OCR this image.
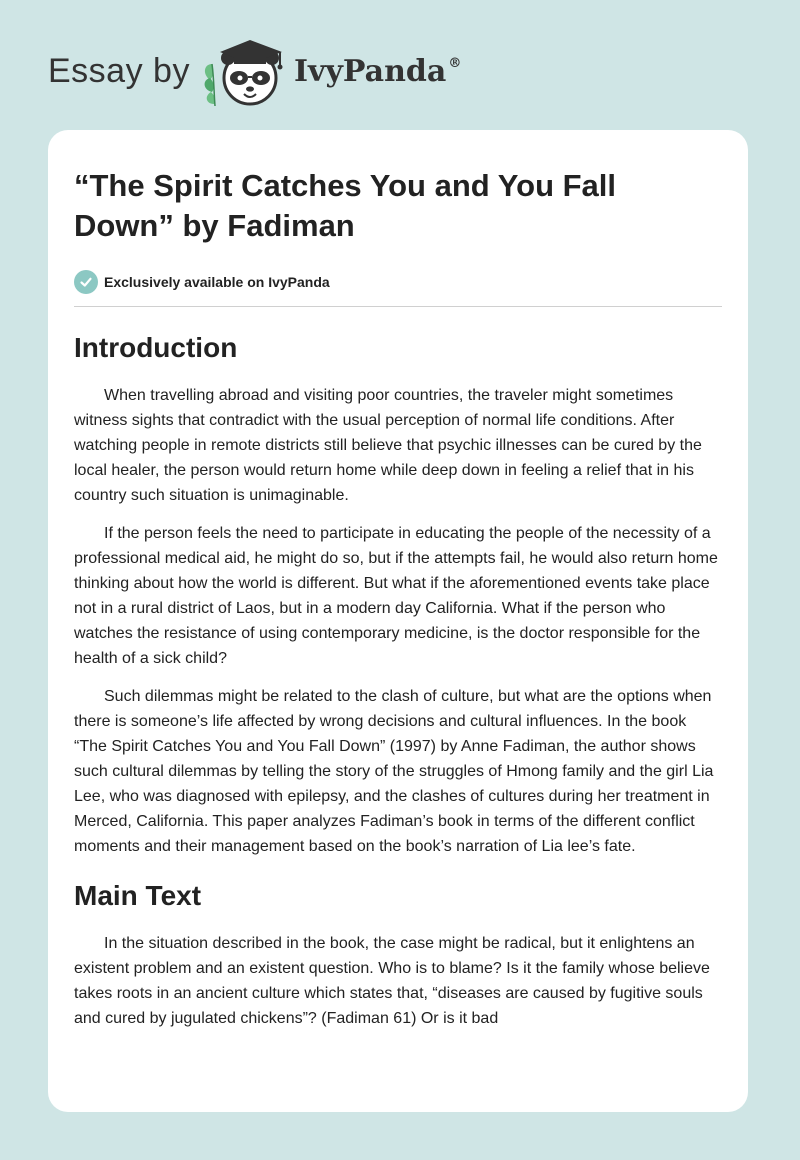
Essay by	IvyPanda ®
“The Spirit Catches You and You Fall Down” by Fadiman
Exclusively available on IvyPanda
Introduction

When travelling abroad and visiting poor countries, the traveler might sometimes witness sights that contradict with the usual perception of normal life conditions. After watching people in remote districts still believe that psychic illnesses can be cured by the local healer, the person would return home while deep down in feeling a relief that in his country such situation is unimaginable.

If the person feels the need to participate in educating the people of the necessity of a professional medical aid, he might do so, but if the attempts fail, he would also return home thinking about how the world is different. But what if the aforementioned events take place not in a rural district of Laos, but in a modern day California. What if the person who watches the resistance of using contemporary medicine, is the doctor responsible for the health of a sick child?

Such dilemmas might be related to the clash of culture, but what are the options when there is someone’s life affected by wrong decisions and cultural influences. In the book “The Spirit Catches You and You Fall Down” (1997) by Anne Fadiman, the author shows such cultural dilemmas by telling the story of the struggles of Hmong family and the girl Lia Lee, who was diagnosed with epilepsy, and the clashes of cultures during her treatment in Merced, California. This paper analyzes Fadiman’s book in terms of the different conflict moments and their management based on the book’s narration of Lia lee’s fate.

Main Text

In the situation described in the book, the case might be radical, but it enlightens an existent problem and an existent question. Who is to blame? Is it the family whose believe takes roots in an ancient culture which states that, “diseases are caused by fugitive souls and cured by jugulated chickens”? (Fadiman 61) Or is it bad
